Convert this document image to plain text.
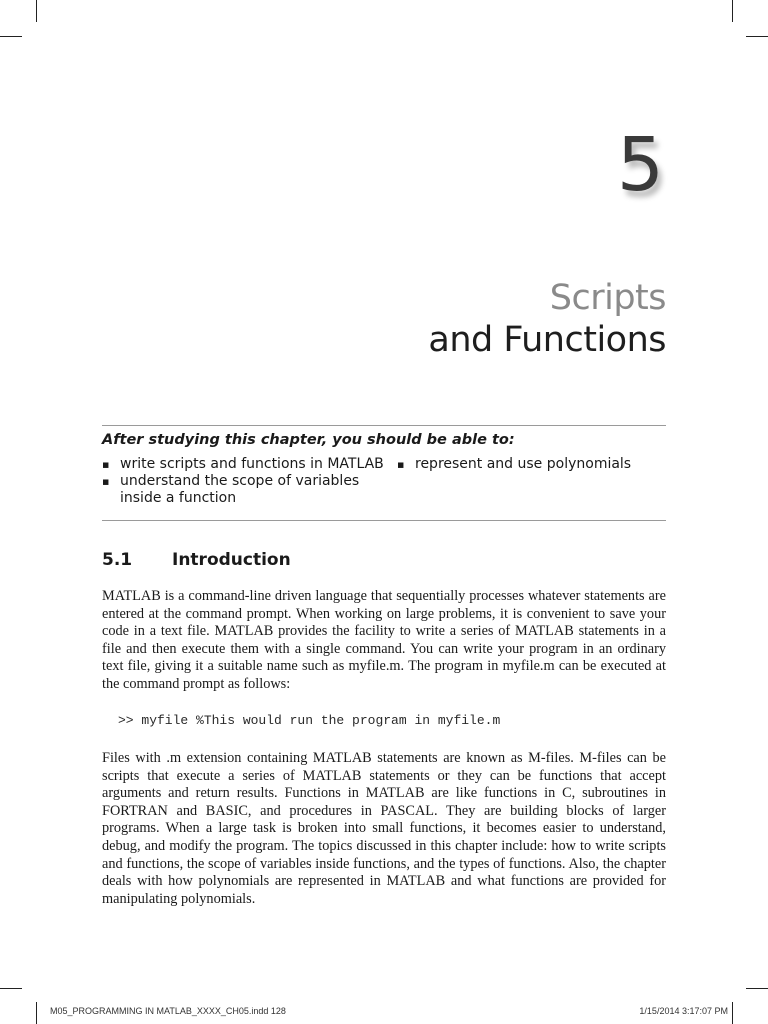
5
Scripts
and Functions
After studying this chapter, you should be able to:
▪ write scripts and functions in MATLAB
▪ understand the scope of variables
inside a function
▪ represent and use polynomials
5.1 Introduction

MATLAB is a command-line driven language that sequentially processes whatever statements are entered at the command prompt. When working on large problems, it is convenient to save your code in a text file. MATLAB provides the facility to write a series of MATLAB statements in a file and then execute them with a single command. You can write your program in an ordinary text file, giving it a suitable name such as myfile.m. The program in myfile.m can be executed at the command prompt as follows:

>> myfile %This would run the program in myfile.m

Files with .m extension containing MATLAB statements are known as M-files. M-files can be scripts that execute a series of MATLAB statements or they can be functions that accept arguments and return results. Functions in MATLAB are like functions in C, subroutines in FORTRAN and BASIC, and procedures in PASCAL. They are building blocks of larger programs. When a large task is broken into small functions, it becomes easier to understand, debug, and modify the program. The topics discussed in this chapter include: how to write scripts and functions, the scope of variables inside functions, and the types of functions. Also, the chapter deals with how polynomials are represented in MATLAB and what functions are provided for manipulating polynomials.

M05_PROGRAMMING IN MATLAB_XXXX_CH05.indd 128	1/15/2014 3:17:07 PM
